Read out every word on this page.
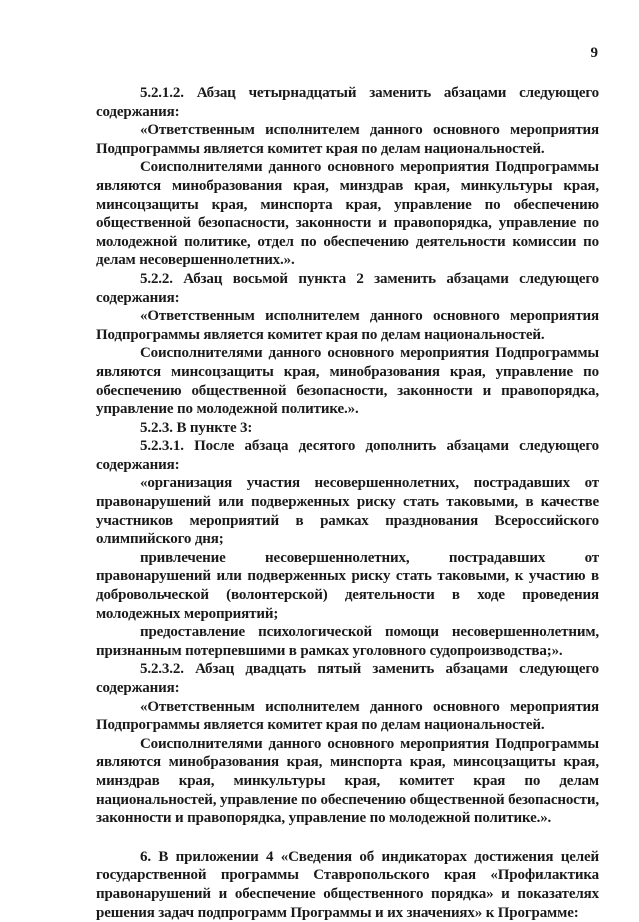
9

5.2.1.2. Абзац четырнадцатый заменить абзацами следующего содержания:

«Ответственным исполнителем данного основного мероприятия Подпрограммы является комитет края по делам национальностей.

Соисполнителями данного основного мероприятия Подпрограммы являются минобразования края, минздрав края, минкультуры края, минсоцзащиты края, минспорта края, управление по обеспечению общественной безопасности, законности и правопорядка, управление по молодежной политике, отдел по обеспечению деятельности комиссии по делам несовершеннолетних.».

5.2.2. Абзац восьмой пункта 2 заменить абзацами следующего содержания:

«Ответственным исполнителем данного основного мероприятия Подпрограммы является комитет края по делам национальностей.

Соисполнителями данного основного мероприятия Подпрограммы являются минсоцзащиты края, минобразования края, управление по обеспечению общественной безопасности, законности и правопорядка, управление по молодежной политике.».

5.2.3. В пункте 3:

5.2.3.1. После абзаца десятого дополнить абзацами следующего содержания:

«организация участия несовершеннолетних, пострадавших от правонарушений или подверженных риску стать таковыми, в качестве участников мероприятий в рамках празднования Всероссийского олимпийского дня;

привлечение несовершеннолетних, пострадавших от правонарушений или подверженных риску стать таковыми, к участию в добровольческой (волонтерской) деятельности в ходе проведения молодежных мероприятий;

предоставление психологической помощи несовершеннолетним, признанным потерпевшими в рамках уголовного судопроизводства;».

5.2.3.2. Абзац двадцать пятый заменить абзацами следующего содержания:

«Ответственным исполнителем данного основного мероприятия Подпрограммы является комитет края по делам национальностей.

Соисполнителями данного основного мероприятия Подпрограммы являются минобразования края, минспорта края, минсоцзащиты края, минздрав края, минкультуры края, комитет края по делам национальностей, управление по обеспечению общественной безопасности, законности и правопорядка, управление по молодежной политике.».

6. В приложении 4 «Сведения об индикаторах достижения целей государственной программы Ставропольского края «Профилактика правонарушений и обеспечение общественного порядка» и показателях решения задач подпрограмм Программы и их значениях» к Программе:
